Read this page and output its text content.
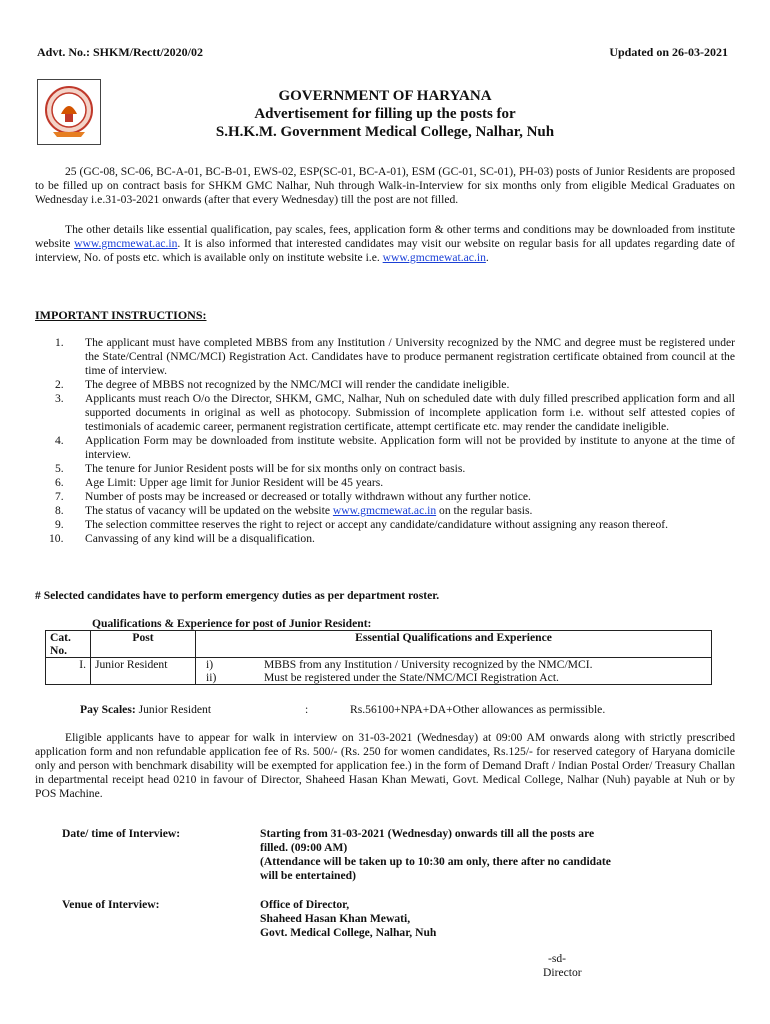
Advt. No.: SHKM/Rectt/2020/02	Updated on 26-03-2021
GOVERNMENT OF HARYANA
Advertisement for filling up the posts for
S.H.K.M. Government Medical College, Nalhar, Nuh
25 (GC-08, SC-06, BC-A-01, BC-B-01, EWS-02, ESP(SC-01, BC-A-01), ESM (GC-01, SC-01), PH-03) posts of Junior Residents are proposed to be filled up on contract basis for SHKM GMC Nalhar, Nuh through Walk-in-Interview for six months only from eligible Medical Graduates on Wednesday i.e.31-03-2021 onwards (after that every Wednesday) till the post are not filled.
The other details like essential qualification, pay scales, fees, application form & other terms and conditions may be downloaded from institute website www.gmcmewat.ac.in. It is also informed that interested candidates may visit our website on regular basis for all updates regarding date of interview, No. of posts etc. which is available only on institute website i.e. www.gmcmewat.ac.in.
IMPORTANT INSTRUCTIONS:
1.	The applicant must have completed MBBS from any Institution / University recognized by the NMC and degree must be registered under the State/Central (NMC/MCI) Registration Act. Candidates have to produce permanent registration certificate obtained from council at the time of interview.
2.	The degree of MBBS not recognized by the NMC/MCI will render the candidate ineligible.
3.	Applicants must reach O/o the Director, SHKM, GMC, Nalhar, Nuh on scheduled date with duly filled prescribed application form and all supported documents in original as well as photocopy. Submission of incomplete application form i.e. without self attested copies of testimonials of academic career, permanent registration certificate, attempt certificate etc. may render the candidate ineligible.
4.	Application Form may be downloaded from institute website. Application form will not be provided by institute to anyone at the time of interview.
5.	The tenure for Junior Resident posts will be for six months only on contract basis.
6.	Age Limit: Upper age limit for Junior Resident will be 45 years.
7.	Number of posts may be increased or decreased or totally withdrawn without any further notice.
8.	The status of vacancy will be updated on the website www.gmcmewat.ac.in on the regular basis.
9.	The selection committee reserves the right to reject or accept any candidate/candidature without assigning any reason thereof.
10.	Canvassing of any kind will be a disqualification.
# Selected candidates have to perform emergency duties as per department roster.
Qualifications & Experience for post of Junior Resident:
Cat. No.	Post	Essential Qualifications and Experience
I.	Junior Resident	i) MBBS from any Institution / University recognized by the NMC/MCI.
ii) Must be registered under the State/NMC/MCI Registration Act.
Pay Scales: Junior Resident	:	Rs.56100+NPA+DA+Other allowances as permissible.
Eligible applicants have to appear for walk in interview on 31-03-2021 (Wednesday) at 09:00 AM onwards along with strictly prescribed application form and non refundable application fee of Rs. 500/- (Rs. 250 for women candidates, Rs.125/- for reserved category of Haryana domicile only and person with benchmark disability will be exempted for application fee.) in the form of Demand Draft / Indian Postal Order/ Treasury Challan in departmental receipt head 0210 in favour of Director, Shaheed Hasan Khan Mewati, Govt. Medical College, Nalhar (Nuh) payable at Nuh or by POS Machine.
Date/ time of Interview:	Starting from 31-03-2021 (Wednesday) onwards till all the posts are
filled. (09:00 AM)
(Attendance will be taken up to 10:30 am only, there after no candidate
will be entertained)
Venue of Interview:	Office of Director,
Shaheed Hasan Khan Mewati,
Govt. Medical College, Nalhar, Nuh
-sd-
Director
